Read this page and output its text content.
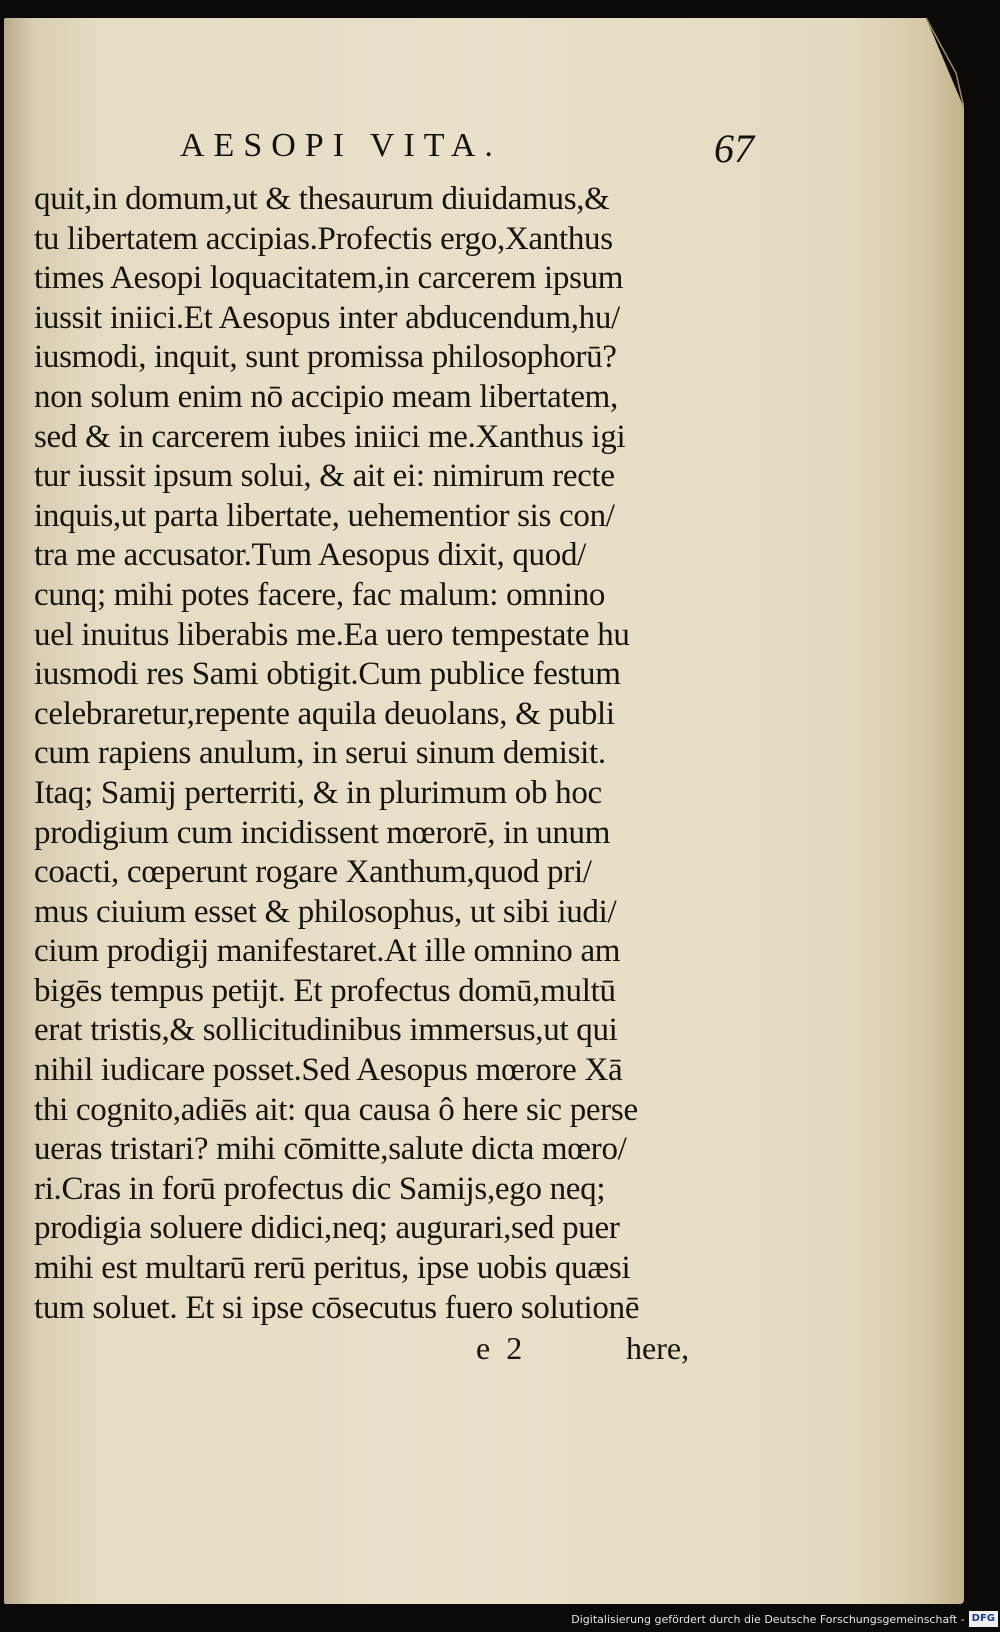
AESOPI VITA.	67
quit,in domum,ut & thesaurum diuidamus,&
tu libertatem accipias.Profectis ergo,Xanthus
times Aesopi loquacitatem,in carcerem ipsum
iussit iniici.Et Aesopus inter abducendum,hu/
iusmodi, inquit, sunt promissa philosophorū?
non solum enim nō accipio meam libertatem,
sed & in carcerem iubes iniici me.Xanthus igi
tur iussit ipsum solui, & ait ei: nimirum recte
inquis,ut parta libertate, uehementior sis con/
tra me accusator.Tum Aesopus dixit, quod/
cunq; mihi potes facere, fac malum: omnino
uel inuitus liberabis me.Ea uero tempestate hu
iusmodi res Sami obtigit.Cum publice festum
celebraretur,repente aquila deuolans, & publi
cum rapiens anulum, in serui sinum demisit.
Itaq; Samij perterriti, & in plurimum ob hoc
prodigium cum incidissent mœrorē, in unum
coacti, cœperunt rogare Xanthum,quod pri/
mus ciuium esset & philosophus, ut sibi iudi/
cium prodigij manifestaret.At ille omnino am
bigēs tempus petijt. Et profectus domū,multū
erat tristis,& sollicitudinibus immersus,ut qui
nihil iudicare posset.Sed Aesopus mœrore Xā
thi cognito,adiēs ait: qua causa ô here sic perse
ueras tristari? mihi cōmitte,salute dicta mœro/
ri.Cras in forū profectus dic Samijs,ego neq;
prodigia soluere didici,neq; augurari,sed puer
mihi est multarū rerū peritus, ipse uobis quæsi
tum soluet. Et si ipse cōsecutus fuero solutionē
e 2	here,
Digitalisierung gefördert durch die Deutsche Forschungsgemeinschaft - DFG
